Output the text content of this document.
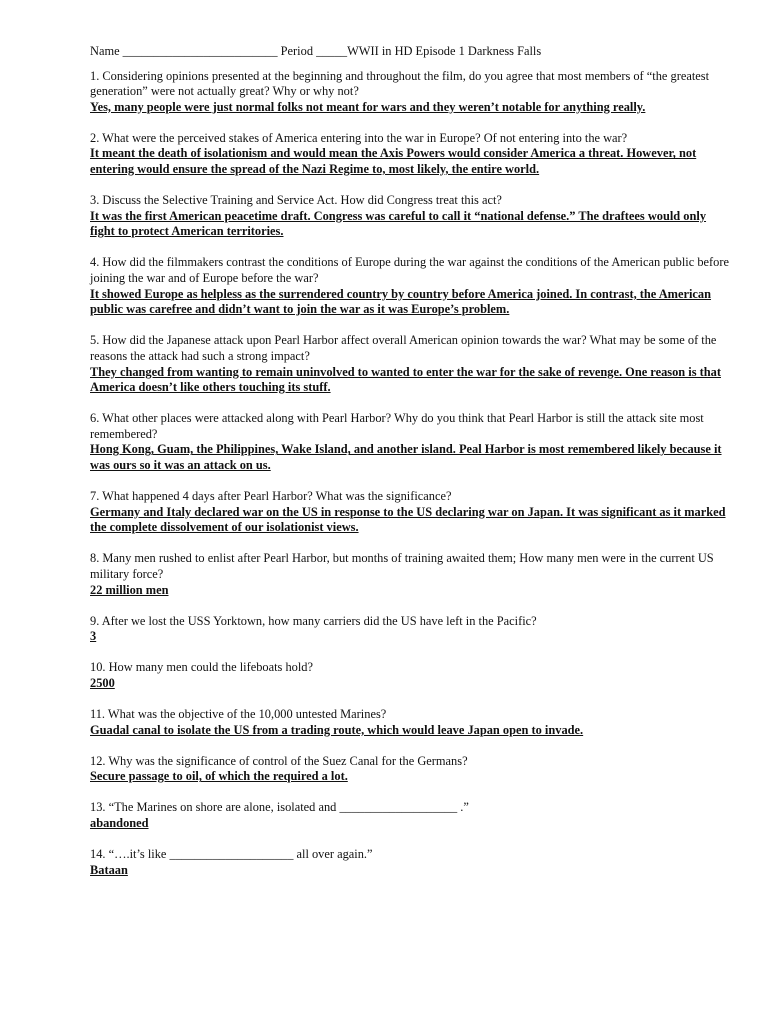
Name _________________________ Period _____WWII in HD Episode 1 Darkness Falls
1. Considering opinions presented at the beginning and throughout the film, do you agree that most members of “the greatest generation” were not actually great? Why or why not?
Yes, many people were just normal folks not meant for wars and they weren’t notable for anything really.
2. What were the perceived stakes of America entering into the war in Europe? Of not entering into the war?
It meant the death of isolationism and would mean the Axis Powers would consider America a threat. However, not entering would ensure the spread of the Nazi Regime to, most likely, the entire world.
3. Discuss the Selective Training and Service Act. How did Congress treat this act?
It was the first American peacetime draft. Congress was careful to call it “national defense.” The draftees would only fight to protect American territories.
4. How did the filmmakers contrast the conditions of Europe during the war against the conditions of the American public before joining the war and of Europe before the war?
It showed Europe as helpless as the surrendered country by country before America joined. In contrast, the American public was carefree and didn’t want to join the war as it was Europe’s problem.
5. How did the Japanese attack upon Pearl Harbor affect overall American opinion towards the war? What may be some of the reasons the attack had such a strong impact?
They changed from wanting to remain uninvolved to wanted to enter the war for the sake of revenge. One reason is that America doesn’t like others touching its stuff.
6. What other places were attacked along with Pearl Harbor? Why do you think that Pearl Harbor is still the attack site most remembered?
Hong Kong, Guam, the Philippines, Wake Island, and another island. Peal Harbor is most remembered likely because it was ours so it was an attack on us.
7. What happened 4 days after Pearl Harbor? What was the significance?
Germany and Italy declared war on the US in response to the US declaring war on Japan. It was significant as it marked the complete dissolvement of our isolationist views.
8. Many men rushed to enlist after Pearl Harbor, but months of training awaited them; How many men were in the current US military force?
22 million men
9. After we lost the USS Yorktown, how many carriers did the US have left in the Pacific?
3
10. How many men could the lifeboats hold?
2500
11. What was the objective of the 10,000 untested Marines?
Guadal canal to isolate the US from a trading route, which would leave Japan open to invade.
12. Why was the significance of control of the Suez Canal for the Germans?
Secure passage to oil, of which the required a lot.
13. “The Marines on shore are alone, isolated and ___________________ .”
abandoned
14. “….it’s like ____________________ all over again.”
Bataan
